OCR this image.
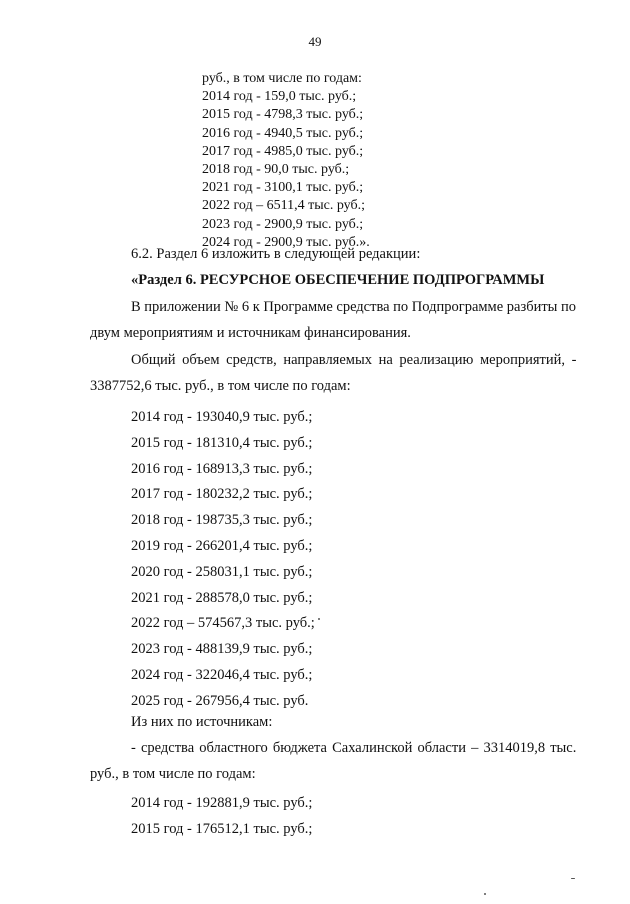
49
руб., в том числе по годам:
2014 год - 159,0 тыс. руб.;
2015 год - 4798,3 тыс. руб.;
2016 год - 4940,5 тыс. руб.;
2017 год - 4985,0 тыс. руб.;
2018 год - 90,0 тыс. руб.;
2021 год - 3100,1 тыс. руб.;
2022 год – 6511,4 тыс. руб.;
2023 год - 2900,9 тыс. руб.;
2024 год - 2900,9 тыс. руб.».
6.2. Раздел 6 изложить в следующей редакции:
«Раздел 6. РЕСУРСНОЕ ОБЕСПЕЧЕНИЕ ПОДПРОГРАММЫ
В приложении № 6 к Программе средства по Подпрограмме разбиты по
двум мероприятиям и источникам финансирования.
Общий объем средств, направляемых на реализацию мероприятий, -
3387752,6 тыс. руб., в том числе по годам:
2014 год - 193040,9 тыс. руб.;
2015 год - 181310,4 тыс. руб.;
2016 год - 168913,3 тыс. руб.;
2017 год - 180232,2 тыс. руб.;
2018 год - 198735,3 тыс. руб.;
2019 год - 266201,4 тыс. руб.;
2020 год - 258031,1 тыс. руб.;
2021 год - 288578,0 тыс. руб.;
2022 год – 574567,3 тыс. руб.;
2023 год - 488139,9 тыс. руб.;
2024 год - 322046,4 тыс. руб.;
2025 год - 267956,4 тыс. руб.
Из них по источникам:
- средства областного бюджета Сахалинской области – 3314019,8 тыс.
руб., в том числе по годам:
2014 год - 192881,9 тыс. руб.;
2015 год - 176512,1 тыс. руб.;
